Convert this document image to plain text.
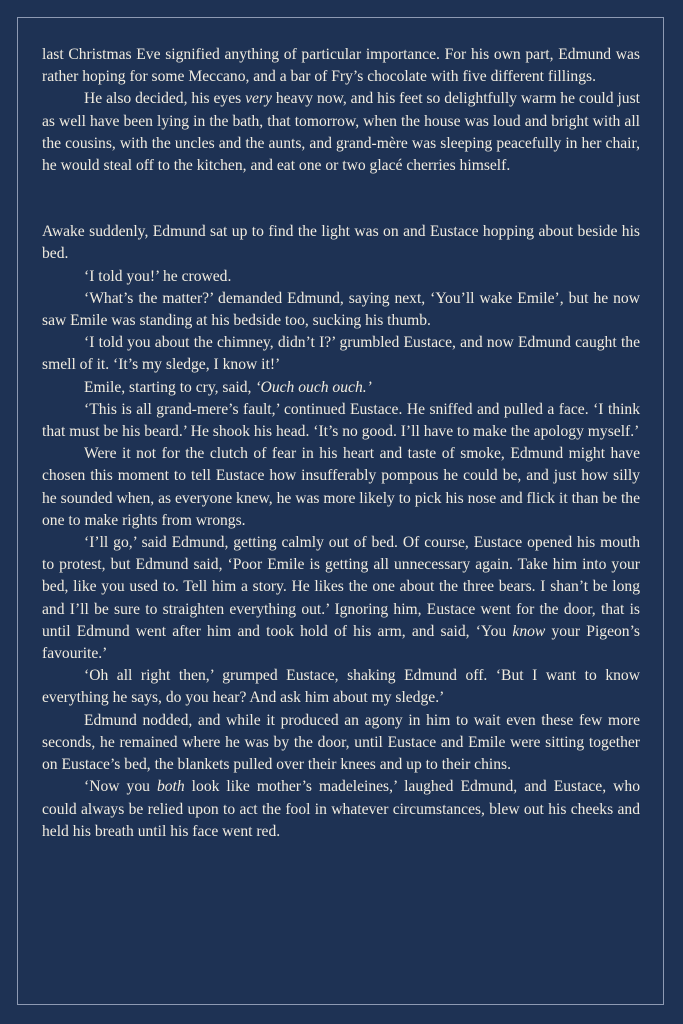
last Christmas Eve signified anything of particular importance. For his own part, Edmund was rather hoping for some Meccano, and a bar of Fry’s chocolate with five different fillings.

He also decided, his eyes very heavy now, and his feet so delightfully warm he could just as well have been lying in the bath, that tomorrow, when the house was loud and bright with all the cousins, with the uncles and the aunts, and grand-mère was sleeping peacefully in her chair, he would steal off to the kitchen, and eat one or two glacé cherries himself.

Awake suddenly, Edmund sat up to find the light was on and Eustace hopping about beside his bed.

‘I told you!’ he crowed.

‘What’s the matter?’ demanded Edmund, saying next, ‘You’ll wake Emile’, but he now saw Emile was standing at his bedside too, sucking his thumb.

‘I told you about the chimney, didn’t I?’ grumbled Eustace, and now Edmund caught the smell of it. ‘It’s my sledge, I know it!’

Emile, starting to cry, said, ‘Ouch ouch ouch.’

‘This is all grand-mere’s fault,’ continued Eustace. He sniffed and pulled a face. ‘I think that must be his beard.’ He shook his head. ‘It’s no good. I’ll have to make the apology myself.’

Were it not for the clutch of fear in his heart and taste of smoke, Edmund might have chosen this moment to tell Eustace how insufferably pompous he could be, and just how silly he sounded when, as everyone knew, he was more likely to pick his nose and flick it than be the one to make rights from wrongs.

‘I’ll go,’ said Edmund, getting calmly out of bed. Of course, Eustace opened his mouth to protest, but Edmund said, ‘Poor Emile is getting all unnecessary again. Take him into your bed, like you used to. Tell him a story. He likes the one about the three bears. I shan’t be long and I’ll be sure to straighten everything out.’ Ignoring him, Eustace went for the door, that is until Edmund went after him and took hold of his arm, and said, ‘You know your Pigeon’s favourite.’

‘Oh all right then,’ grumped Eustace, shaking Edmund off. ‘But I want to know everything he says, do you hear? And ask him about my sledge.’

Edmund nodded, and while it produced an agony in him to wait even these few more seconds, he remained where he was by the door, until Eustace and Emile were sitting together on Eustace’s bed, the blankets pulled over their knees and up to their chins.

‘Now you both look like mother’s madeleines,’ laughed Edmund, and Eustace, who could always be relied upon to act the fool in whatever circumstances, blew out his cheeks and held his breath until his face went red.
